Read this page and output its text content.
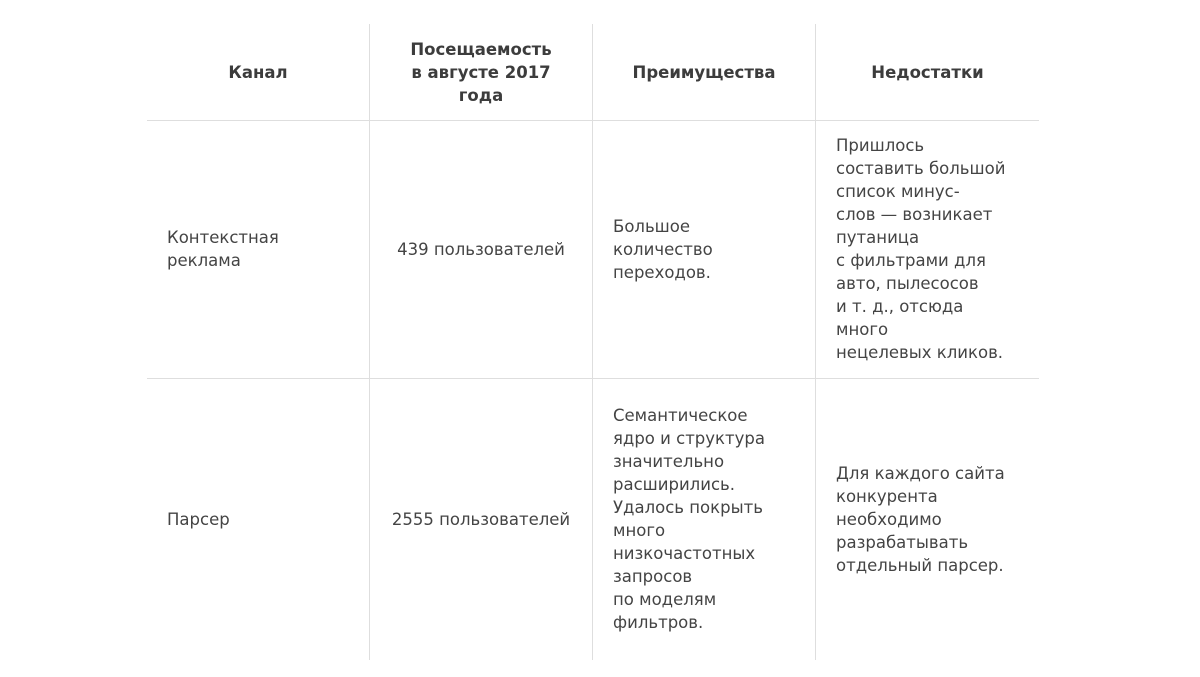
Канал
Посещаемость
в августе 2017 года
Преимущества	Недостатки
Контекстная
реклама
439 пользователей
Большое
количество
переходов.
Пришлось
составить большой
список минус-
слов — возникает
путаница
с фильтрами для
авто, пылесосов
и т. д., отсюда много
нецелевых кликов.
Парсер	2555 пользователей
Семантическое
ядро и структура
значительно
расширились.
Удалось покрыть
много
низкочастотных
запросов
по моделям
фильтров.
Для каждого сайта
конкурента
необходимо
разрабатывать
отдельный парсер.
